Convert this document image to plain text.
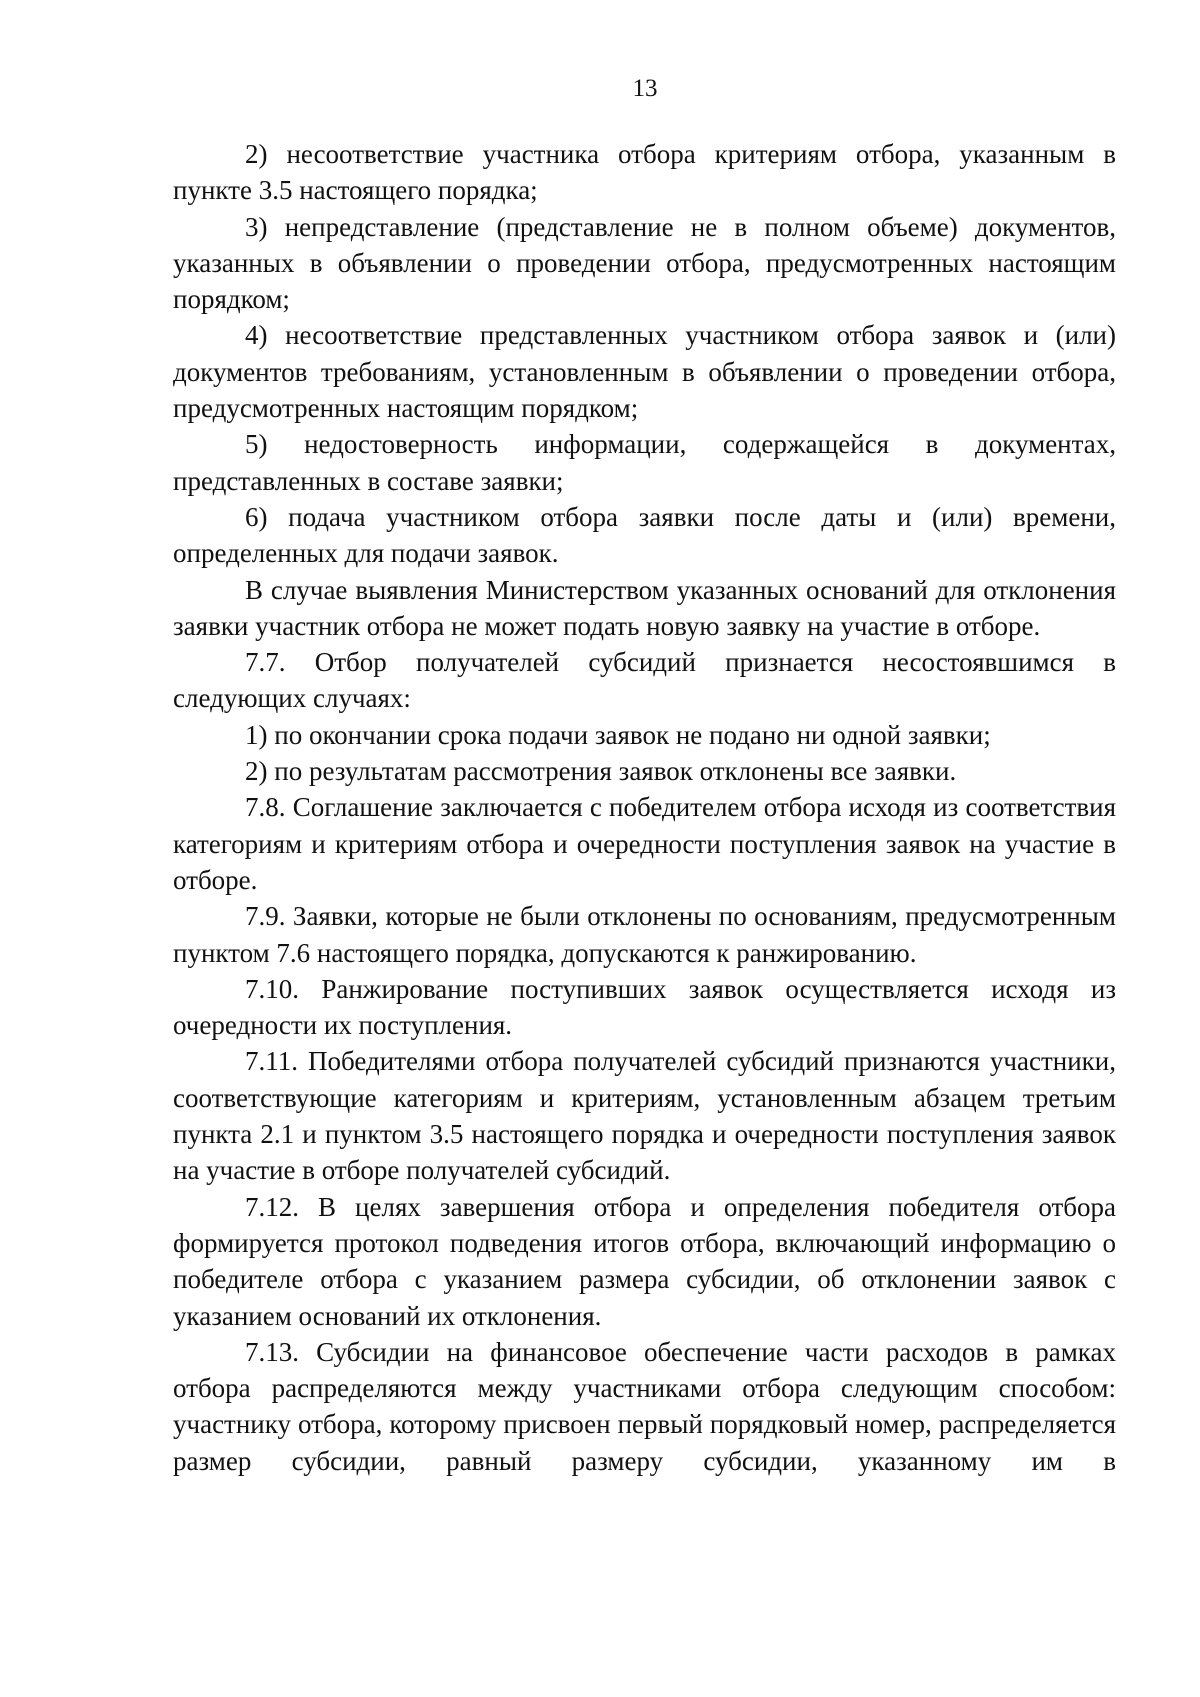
13

2) несоответствие участника отбора критериям отбора, указанным в пункте 3.5 настоящего порядка;

3) непредставление (представление не в полном объеме) документов, указанных в объявлении о проведении отбора, предусмотренных настоящим порядком;

4) несоответствие представленных участником отбора заявок и (или) документов требованиям, установленным в объявлении о проведении отбора, предусмотренных настоящим порядком;

5) недостоверность информации, содержащейся в документах, представленных в составе заявки;

6) подача участником отбора заявки после даты и (или) времени, определенных для подачи заявок.

В случае выявления Министерством указанных оснований для отклонения заявки участник отбора не может подать новую заявку на участие в отборе.

7.7. Отбор получателей субсидий признается несостоявшимся в следующих случаях:

1) по окончании срока подачи заявок не подано ни одной заявки;

2) по результатам рассмотрения заявок отклонены все заявки.

7.8. Соглашение заключается с победителем отбора исходя из соответствия категориям и критериям отбора и очередности поступления заявок на участие в отборе.

7.9. Заявки, которые не были отклонены по основаниям, предусмотренным пунктом 7.6 настоящего порядка, допускаются к ранжированию.

7.10. Ранжирование поступивших заявок осуществляется исходя из очередности их поступления.

7.11. Победителями отбора получателей субсидий признаются участники, соответствующие категориям и критериям, установленным абзацем третьим пункта 2.1 и пунктом 3.5 настоящего порядка и очередности поступления заявок на участие в отборе получателей субсидий.

7.12. В целях завершения отбора и определения победителя отбора формируется протокол подведения итогов отбора, включающий информацию о победителе отбора с указанием размера субсидии, об отклонении заявок с указанием оснований их отклонения.

7.13. Субсидии на финансовое обеспечение части расходов в рамках отбора распределяются между участниками отбора следующим способом: участнику отбора, которому присвоен первый порядковый номер, распределяется размер субсидии, равный размеру субсидии, указанному им в
